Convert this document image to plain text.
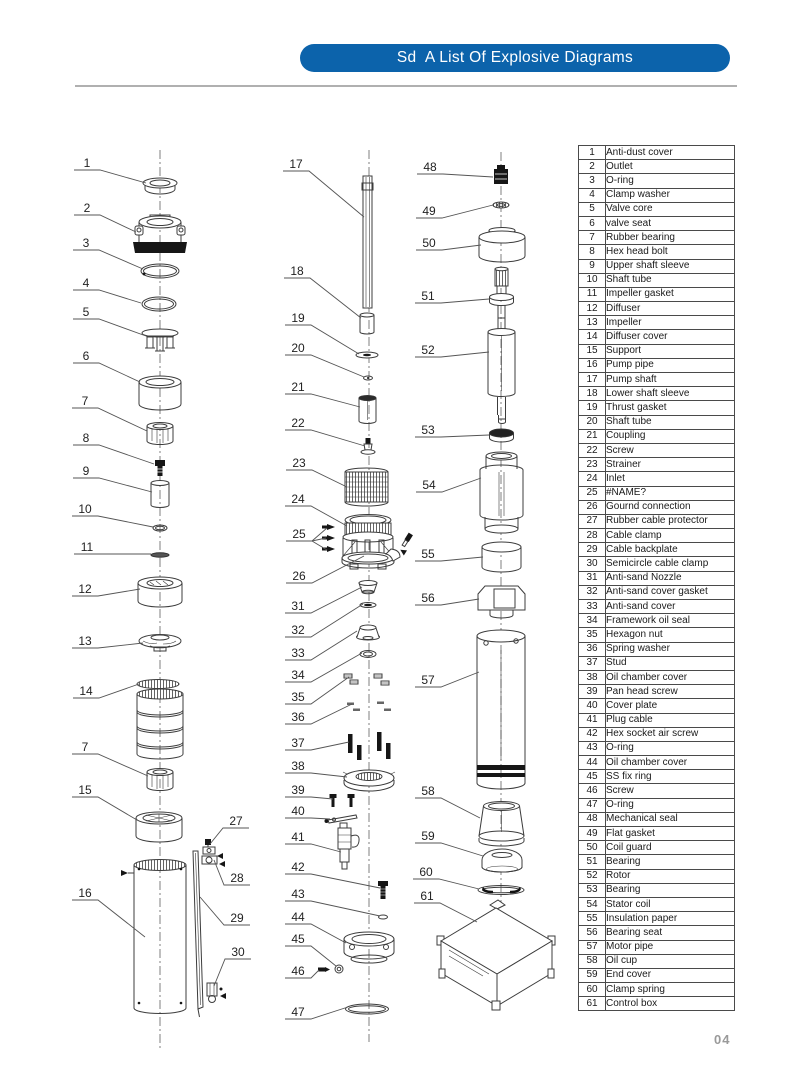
Sd  A List Of Explosive Diagrams
1
2
3
4
5
6
7
8
9
10
11
12
13
14
7
15
16
27
28
29
30
17
18
19
20
21
22
23
24
25
26
31
32
33
34
35
36
37
38
39
40
41
42
43
44
45
46
47
48
49
50
51
52
53
54
55
56
57
58
59
60
61
1	Anti-dust cover
2	Outlet
3	O-ring
4	Clamp washer
5	Valve core
6	valve seat
7	Rubber bearing
8	Hex head bolt
9	Upper shaft sleeve
10	Shaft tube
11	Impeller gasket
12	Diffuser
13	Impeller
14	Diffuser cover
15	Support
16	Pump pipe
17	Pump shaft
18	Lower shaft sleeve
19	Thrust gasket
20	Shaft tube
21	Coupling
22	Screw
23	Strainer
24	Inlet
25	#NAME?
26	Gournd connection
27	Rubber cable protector
28	Cable clamp
29	Cable backplate
30	Semicircle cable clamp
31	Anti-sand Nozzle
32	Anti-sand cover gasket
33	Anti-sand cover
34	Framework oil seal
35	Hexagon nut
36	Spring washer
37	Stud
38	Oil chamber cover
39	Pan head screw
40	Cover plate
41	Plug cable
42	Hex socket air screw
43	O-ring
44	Oil chamber cover
45	SS fix ring
46	Screw
47	O-ring
48	Mechanical seal
49	Flat gasket
50	Coil guard
51	Bearing
52	Rotor
53	Bearing
54	Stator coil
55	Insulation paper
56	Bearing seat
57	Motor pipe
58	Oil cup
59	End cover
60	Clamp spring
61	Control box
04
